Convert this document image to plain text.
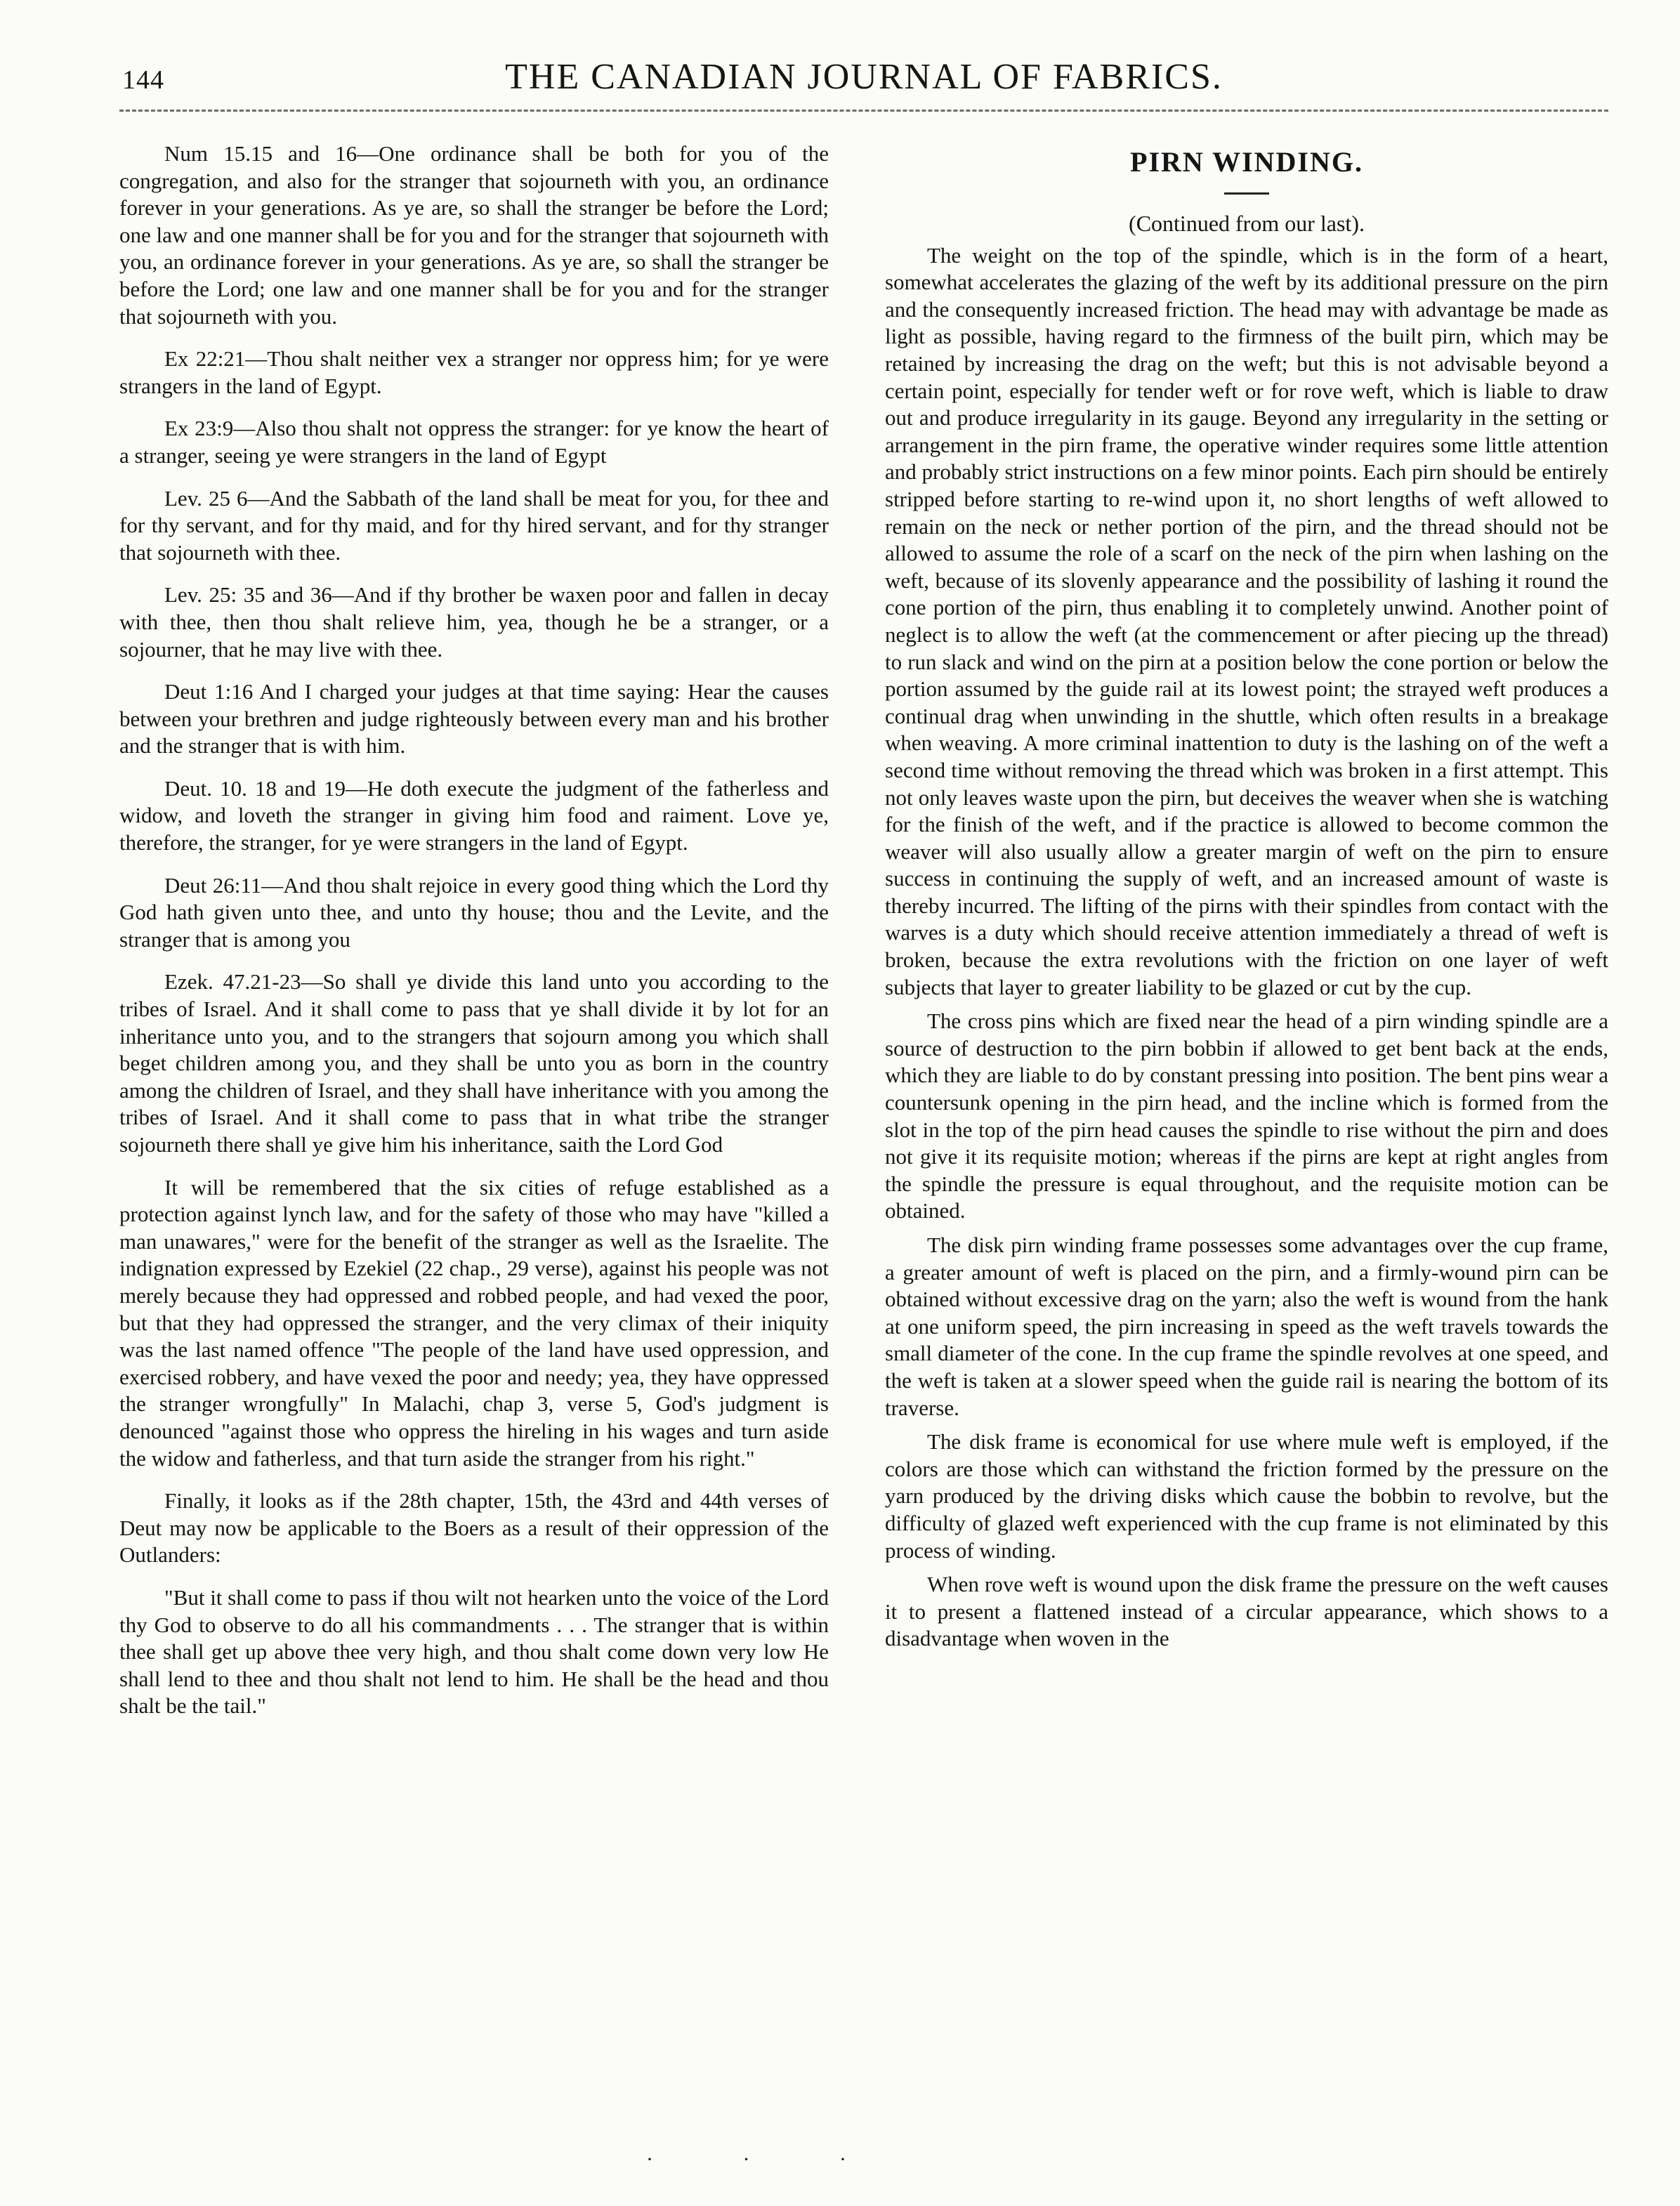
144	THE CANADIAN JOURNAL OF FABRICS.

Num 15.15 and 16—One ordinance shall be both for you of the congregation, and also for the stranger that sojourneth with you, an ordinance forever in your generations. As ye are, so shall the stranger be before the Lord; one law and one manner shall be for you and for the stranger that sojourneth with you, an ordinance forever in your generations. As ye are, so shall the stranger be before the Lord; one law and one manner shall be for you and for the stranger that sojourneth with you.

Ex 22:21—Thou shalt neither vex a stranger nor oppress him; for ye were strangers in the land of Egypt.

Ex 23:9—Also thou shalt not oppress the stranger: for ye know the heart of a stranger, seeing ye were strangers in the land of Egypt

Lev. 25 6—And the Sabbath of the land shall be meat for you, for thee and for thy servant, and for thy maid, and for thy hired servant, and for thy stranger that sojourneth with thee.

Lev. 25: 35 and 36—And if thy brother be waxen poor and fallen in decay with thee, then thou shalt relieve him, yea, though he be a stranger, or a sojourner, that he may live with thee.

Deut 1:16 And I charged your judges at that time saying: Hear the causes between your brethren and judge righteously between every man and his brother and the stranger that is with him.

Deut. 10. 18 and 19—He doth execute the judgment of the fatherless and widow, and loveth the stranger in giving him food and raiment. Love ye, therefore, the stranger, for ye were strangers in the land of Egypt.

Deut 26:11—And thou shalt rejoice in every good thing which the Lord thy God hath given unto thee, and unto thy house; thou and the Levite, and the stranger that is among you

Ezek. 47.21-23—So shall ye divide this land unto you according to the tribes of Israel. And it shall come to pass that ye shall divide it by lot for an inheritance unto you, and to the strangers that sojourn among you which shall beget children among you, and they shall be unto you as born in the country among the children of Israel, and they shall have inheritance with you among the tribes of Israel. And it shall come to pass that in what tribe the stranger sojourneth there shall ye give him his inheritance, saith the Lord God

It will be remembered that the six cities of refuge established as a protection against lynch law, and for the safety of those who may have "killed a man unawares," were for the benefit of the stranger as well as the Israelite. The indignation expressed by Ezekiel (22 chap., 29 verse), against his people was not merely because they had oppressed and robbed people, and had vexed the poor, but that they had oppressed the stranger, and the very climax of their iniquity was the last named offence "The people of the land have used oppression, and exercised robbery, and have vexed the poor and needy; yea, they have oppressed the stranger wrongfully" In Malachi, chap 3, verse 5, God's judgment is denounced "against those who oppress the hireling in his wages and turn aside the widow and fatherless, and that turn aside the stranger from his right."

Finally, it looks as if the 28th chapter, 15th, the 43rd and 44th verses of Deut may now be applicable to the Boers as a result of their oppression of the Outlanders:

"But it shall come to pass if thou wilt not hearken unto the voice of the Lord thy God to observe to do all his commandments . . . The stranger that is within thee shall get up above thee very high, and thou shalt come down very low He shall lend to thee and thou shalt not lend to him. He shall be the head and thou shalt be the tail."

PIRN WINDING.
(Continued from our last).

The weight on the top of the spindle, which is in the form of a heart, somewhat accelerates the glazing of the weft by its additional pressure on the pirn and the consequently increased friction. The head may with advantage be made as light as possible, having regard to the firmness of the built pirn, which may be retained by increasing the drag on the weft; but this is not advisable beyond a certain point, especially for tender weft or for rove weft, which is liable to draw out and produce irregularity in its gauge. Beyond any irregularity in the setting or arrangement in the pirn frame, the operative winder requires some little attention and probably strict instructions on a few minor points. Each pirn should be entirely stripped before starting to re-wind upon it, no short lengths of weft allowed to remain on the neck or nether portion of the pirn, and the thread should not be allowed to assume the role of a scarf on the neck of the pirn when lashing on the weft, because of its slovenly appearance and the possibility of lashing it round the cone portion of the pirn, thus enabling it to completely unwind. Another point of neglect is to allow the weft (at the commencement or after piecing up the thread) to run slack and wind on the pirn at a position below the cone portion or below the portion assumed by the guide rail at its lowest point; the strayed weft produces a continual drag when unwinding in the shuttle, which often results in a breakage when weaving. A more criminal inattention to duty is the lashing on of the weft a second time without removing the thread which was broken in a first attempt. This not only leaves waste upon the pirn, but deceives the weaver when she is watching for the finish of the weft, and if the practice is allowed to become common the weaver will also usually allow a greater margin of weft on the pirn to ensure success in continuing the supply of weft, and an increased amount of waste is thereby incurred. The lifting of the pirns with their spindles from contact with the warves is a duty which should receive attention immediately a thread of weft is broken, because the extra revolutions with the friction on one layer of weft subjects that layer to greater liability to be glazed or cut by the cup.

The cross pins which are fixed near the head of a pirn winding spindle are a source of destruction to the pirn bobbin if allowed to get bent back at the ends, which they are liable to do by constant pressing into position. The bent pins wear a countersunk opening in the pirn head, and the incline which is formed from the slot in the top of the pirn head causes the spindle to rise without the pirn and does not give it its requisite motion; whereas if the pirns are kept at right angles from the spindle the pressure is equal throughout, and the requisite motion can be obtained.

The disk pirn winding frame possesses some advantages over the cup frame, a greater amount of weft is placed on the pirn, and a firmly-wound pirn can be obtained without excessive drag on the yarn; also the weft is wound from the hank at one uniform speed, the pirn increasing in speed as the weft travels towards the small diameter of the cone. In the cup frame the spindle revolves at one speed, and the weft is taken at a slower speed when the guide rail is nearing the bottom of its traverse.

The disk frame is economical for use where mule weft is employed, if the colors are those which can withstand the friction formed by the pressure on the yarn produced by the driving disks which cause the bobbin to revolve, but the difficulty of glazed weft experienced with the cup frame is not eliminated by this process of winding.

When rove weft is wound upon the disk frame the pressure on the weft causes it to present a flattened instead of a circular appearance, which shows to a disadvantage when woven in the

· · ·
